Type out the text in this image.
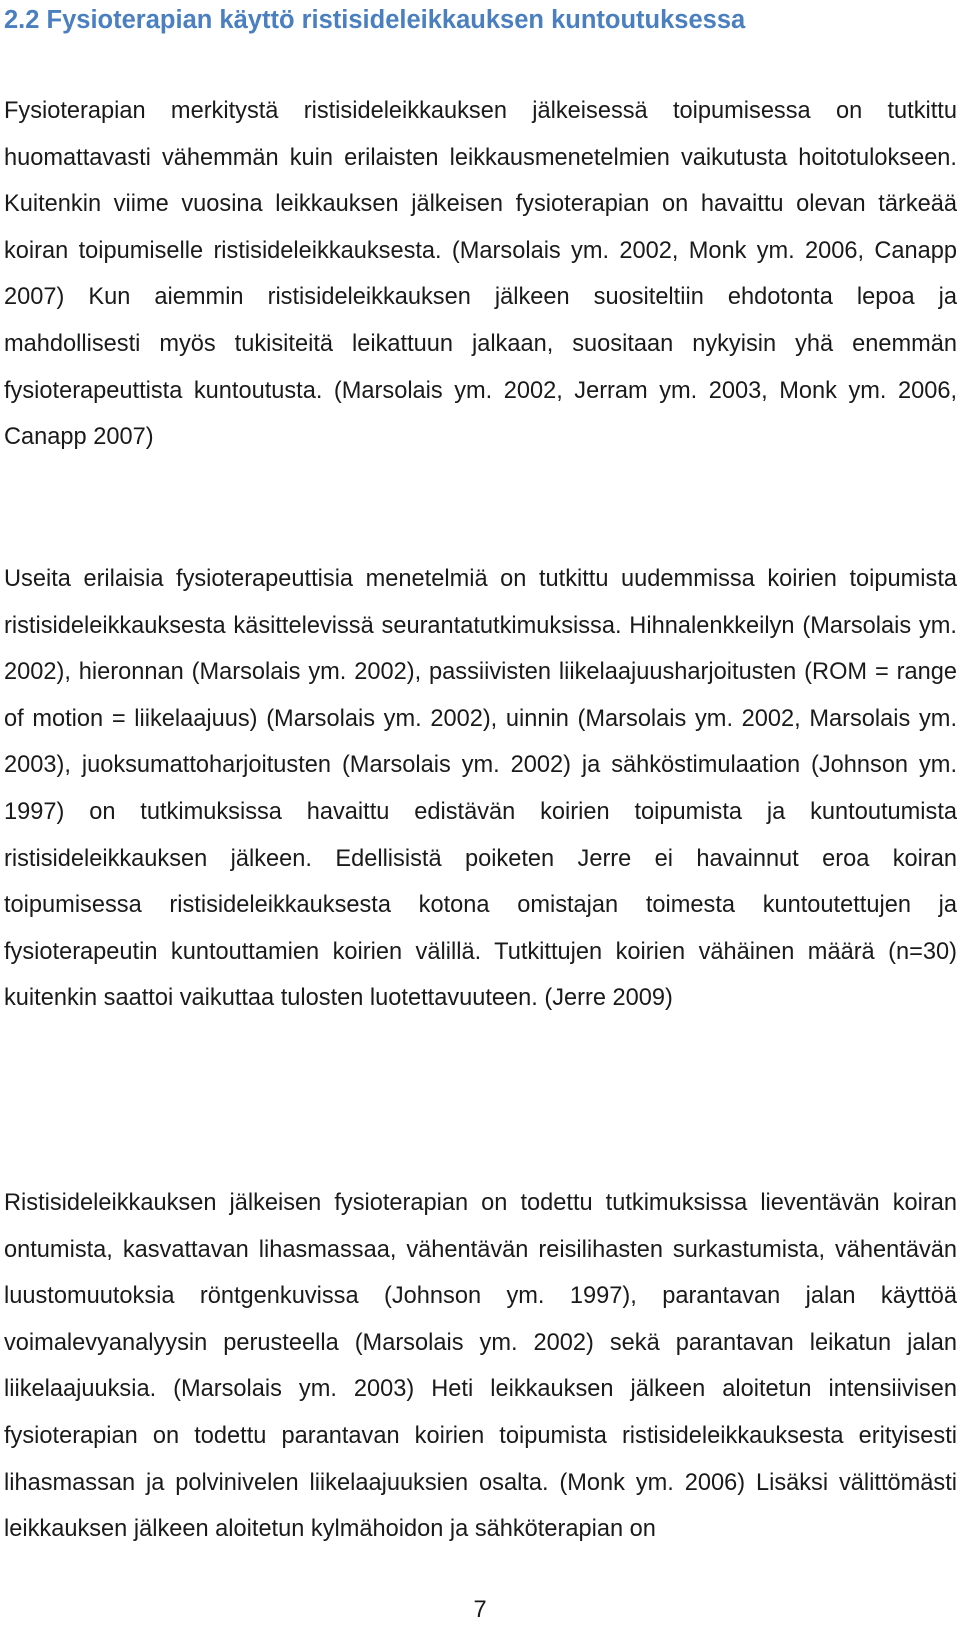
2.2 Fysioterapian käyttö ristisideleikkauksen kuntoutuksessa

Fysioterapian merkitystä ristisideleikkauksen jälkeisessä toipumisessa on tutkittu huomattavasti vähemmän kuin erilaisten leikkausmenetelmien vaikutusta hoitotulokseen. Kuitenkin viime vuosina leikkauksen jälkeisen fysioterapian on havaittu olevan tärkeää koiran toipumiselle ristisideleikkauksesta. (Marsolais ym. 2002, Monk ym. 2006, Canapp 2007) Kun aiemmin ristisideleikkauksen jälkeen suositeltiin ehdotonta lepoa ja mahdollisesti myös tukisiteitä leikattuun jalkaan, suositaan nykyisin yhä enemmän fysioterapeuttista kuntoutusta. (Marsolais ym. 2002, Jerram ym. 2003, Monk ym. 2006, Canapp 2007)

Useita erilaisia fysioterapeuttisia menetelmiä on tutkittu uudemmissa koirien toipumista ristisideleikkauksesta käsittelevissä seurantatutkimuksissa. Hihnalenkkeilyn (Marsolais ym. 2002), hieronnan (Marsolais ym. 2002), passiivisten liikelaajuusharjoitusten (ROM = range of motion = liikelaajuus) (Marsolais ym. 2002), uinnin (Marsolais ym. 2002, Marsolais ym. 2003), juoksumattoharjoitusten (Marsolais ym. 2002) ja sähköstimulaation (Johnson ym. 1997) on tutkimuksissa havaittu edistävän koirien toipumista ja kuntoutumista ristisideleikkauksen jälkeen. Edellisistä poiketen Jerre ei havainnut eroa koiran toipumisessa ristisideleikkauksesta kotona omistajan toimesta kuntoutettujen ja fysioterapeutin kuntouttamien koirien välillä. Tutkittujen koirien vähäinen määrä (n=30) kuitenkin saattoi vaikuttaa tulosten luotettavuuteen. (Jerre 2009)

Ristisideleikkauksen jälkeisen fysioterapian on todettu tutkimuksissa lieventävän koiran ontumista, kasvattavan lihasmassaa, vähentävän reisilihasten surkastumista, vähentävän luustomuutoksia röntgenkuvissa (Johnson ym. 1997), parantavan jalan käyttöä voimalevyanalyysin perusteella (Marsolais ym. 2002) sekä parantavan leikatun jalan liikelaajuuksia. (Marsolais ym. 2003) Heti leikkauksen jälkeen aloitetun intensiivisen fysioterapian on todettu parantavan koirien toipumista ristisideleikkauksesta erityisesti lihasmassan ja polvinivelen liikelaajuuksien osalta. (Monk ym. 2006) Lisäksi välittömästi leikkauksen jälkeen aloitetun kylmähoidon ja sähköterapian on

7
